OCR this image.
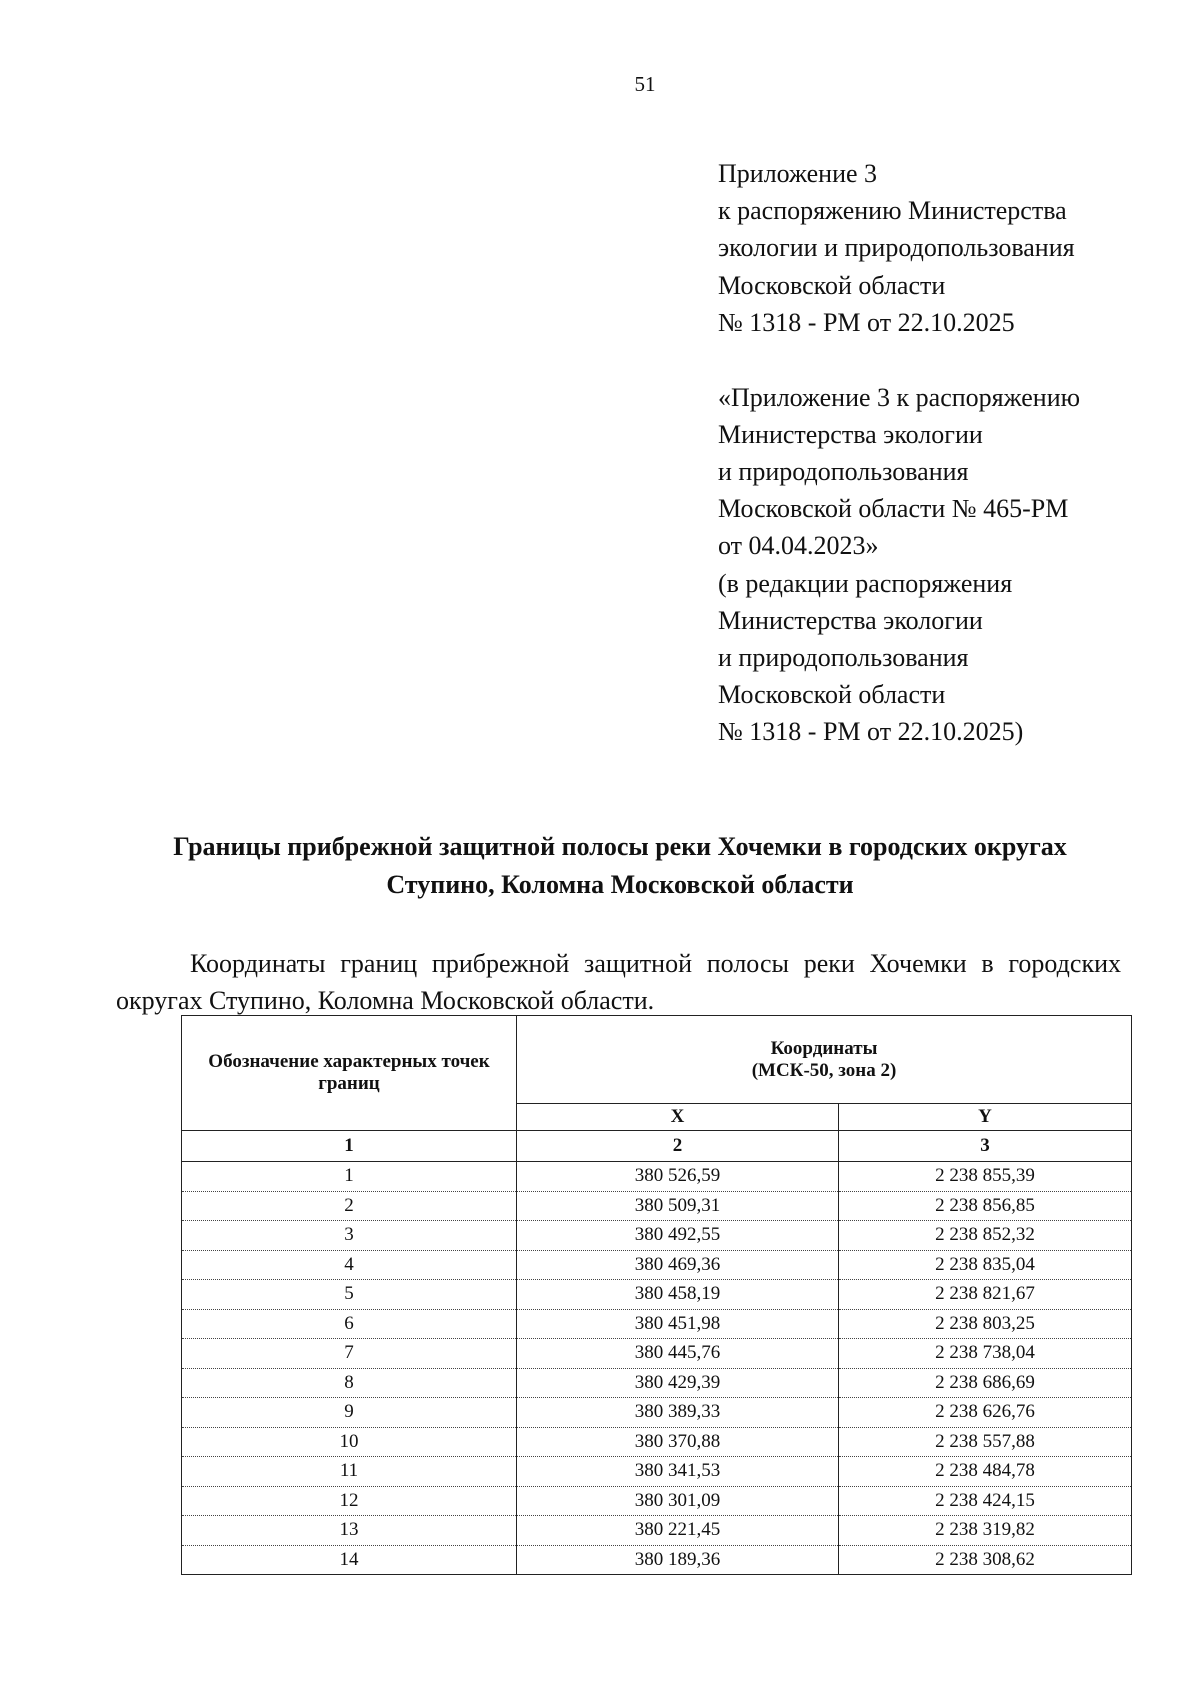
51
Приложение 3
к распоряжению Министерства
экологии и природопользования
Московской области
№ 1318 - РМ от 22.10.2025
«Приложение 3 к распоряжению
Министерства экологии
и природопользования
Московской области № 465-РМ
от 04.04.2023»
(в редакции распоряжения
Министерства экологии
и природопользования
Московской области
№ 1318 - РМ от 22.10.2025)
Границы прибрежной защитной полосы реки Хочемки в городских округах
Ступино, Коломна Московской области
Координаты границ прибрежной защитной полосы реки Хочемки в городских округах Ступино, Коломна Московской области.
Обозначение характерных точек границ	Координаты
(МСК-50, зона 2)	

	X	Y
1	2	3
1	380 526,59	2 238 855,39
2	380 509,31	2 238 856,85
3	380 492,55	2 238 852,32
4	380 469,36	2 238 835,04
5	380 458,19	2 238 821,67
6	380 451,98	2 238 803,25
7	380 445,76	2 238 738,04
8	380 429,39	2 238 686,69
9	380 389,33	2 238 626,76
10	380 370,88	2 238 557,88
11	380 341,53	2 238 484,78
12	380 301,09	2 238 424,15
13	380 221,45	2 238 319,82
14	380 189,36	2 238 308,62
